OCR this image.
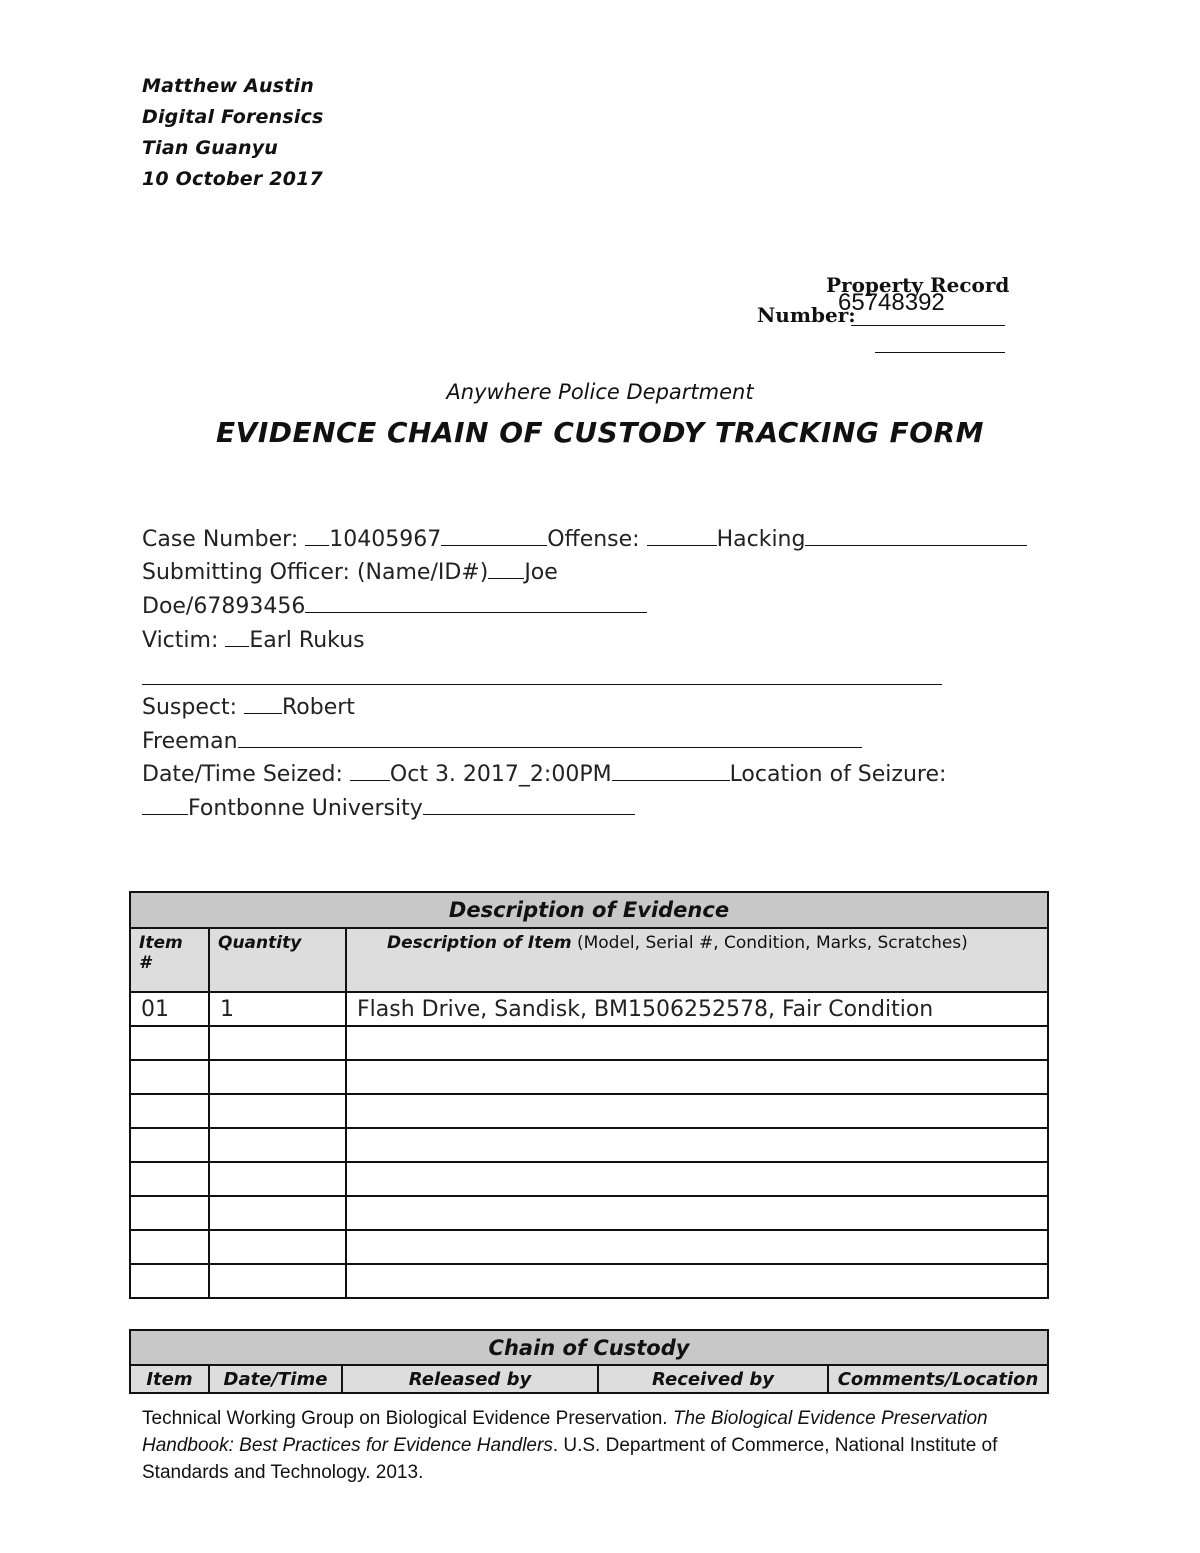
Matthew Austin
Digital Forensics
Tian Guanyu
10 October 2017
Property Record
Number:
65748392
Anywhere Police Department
EVIDENCE CHAIN OF CUSTODY TRACKING FORM
Case Number: 10405967	Offense:	Hacking
Submitting Officer: (Name/ID#) Joe
Doe/67893456
Victim: Earl Rukus
Suspect: Robert
Freeman
Date/Time Seized: Oct 3. 2017_2:00PM	Location of Seizure:
Fontbonne University
Description of Evidence		
Item #	Quantity	Description of Item (Model, Serial #, Condition, Marks, Scratches)
01	1	Flash Drive, Sandisk, BM1506252578, Fair Condition

Chain of Custody
Item	Date/Time	Released by	Received by	Comments/Location
Technical Working Group on Biological Evidence Preservation. The Biological Evidence Preservation Handbook: Best Practices for Evidence Handlers. U.S. Department of Commerce, National Institute of Standards and Technology. 2013.
